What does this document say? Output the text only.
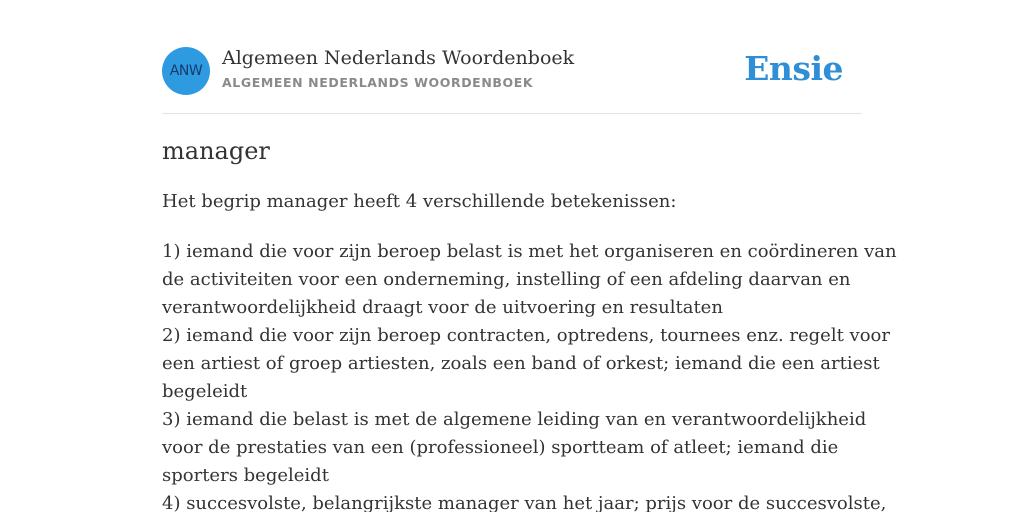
ANW
Algemeen Nederlands Woordenboek
ALGEMEEN NEDERLANDS WOORDENBOEK	Ensie
manager

Het begrip manager heeft 4 verschillende betekenissen:

1) iemand die voor zijn beroep belast is met het organiseren en coördineren van
de activiteiten voor een onderneming, instelling of een afdeling daarvan en
verantwoordelijkheid draagt voor de uitvoering en resultaten
2) iemand die voor zijn beroep contracten, optredens, tournees enz. regelt voor
een artiest of groep artiesten, zoals een band of orkest; iemand die een artiest
begeleidt
3) iemand die belast is met de algemene leiding van en verantwoordelijkheid
voor de prestaties van een (professioneel) sportteam of atleet; iemand die
sporters begeleidt
4) succesvolste, belangrijkste manager van het jaar; prijs voor de succesvolste,
